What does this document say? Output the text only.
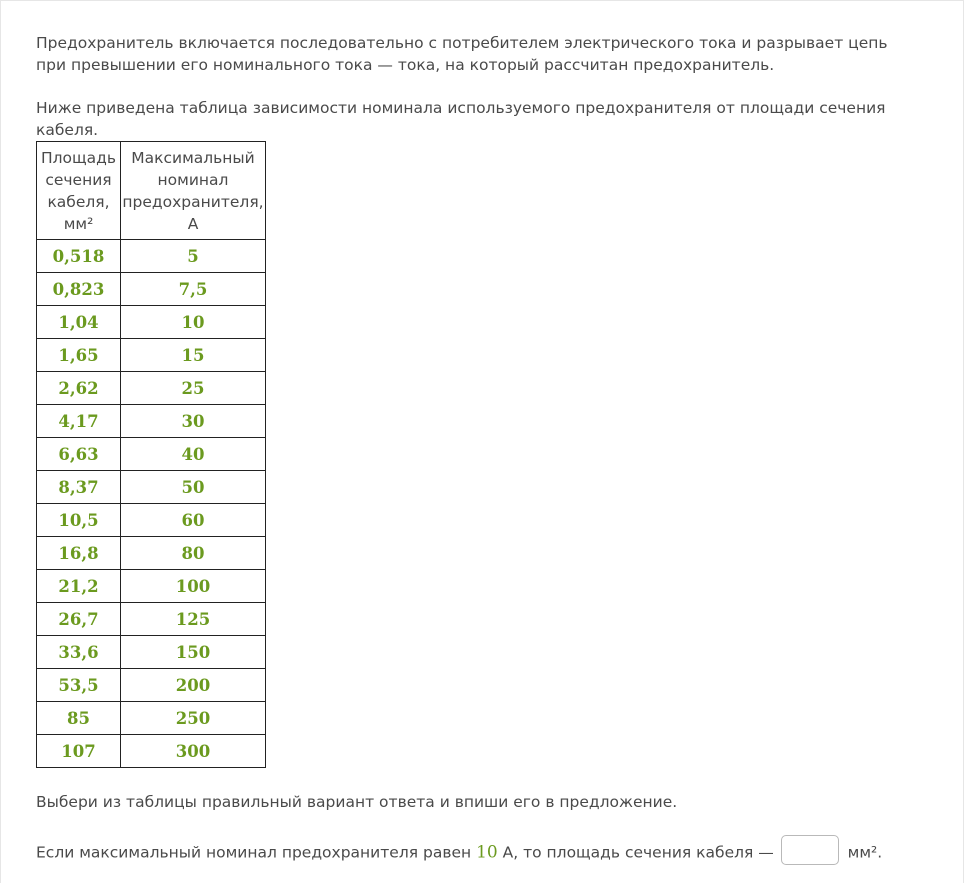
Предохранитель включается последовательно с потребителем электрического тока и разрывает цепь при превышении его номинального тока — тока, на который рассчитан предохранитель.

Ниже приведена таблица зависимости номинала используемого предохранителя от площади сечения кабеля.

Площадь сечения кабеля, мм²	Максимальный номинал предохранителя, А
0,518	5
0,823	7,5
1,04	10
1,65	15
2,62	25
4,17	30
6,63	40
8,37	50
10,5	60
16,8	80
21,2	100
26,7	125
33,6	150
53,5	200
85	250
107	300

Выбери из таблицы правильный вариант ответа и впиши его в предложение.

Если максимальный номинал предохранителя равен 10 А, то площадь сечения кабеля —	мм².
